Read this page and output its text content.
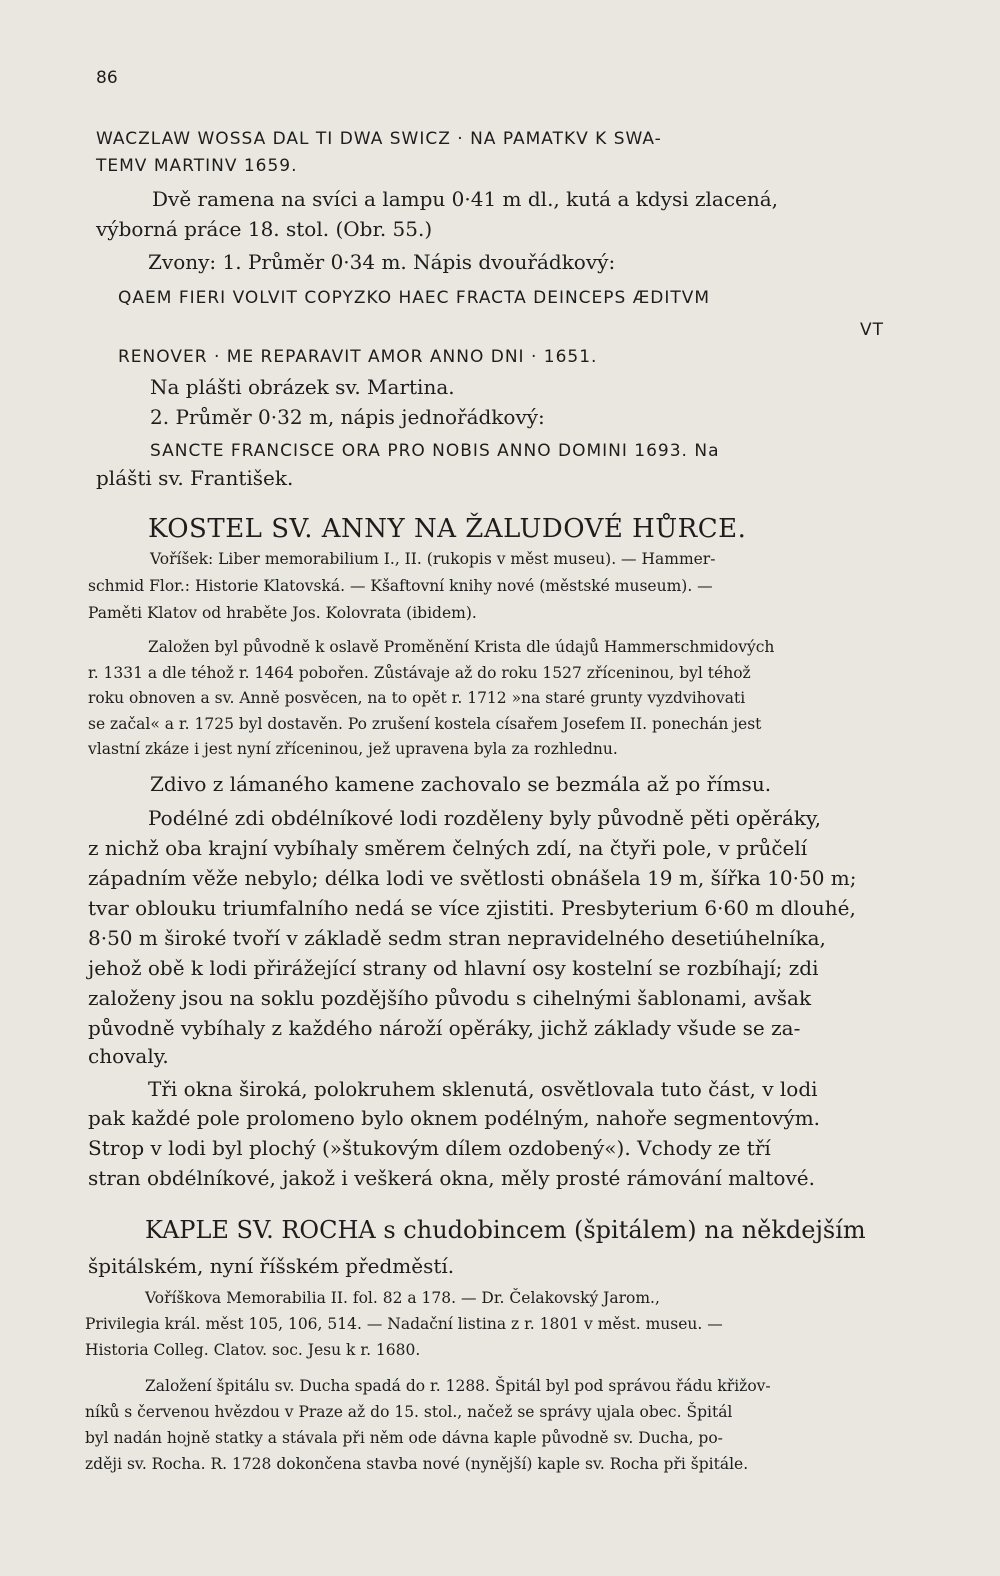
86
WACZLAW WOSSA DAL TI DWA SWICZ · NA PAMATKV K SWA-
TEMV MARTINV 1659.
Dvě ramena na svíci a lampu 0·41 m dl., kutá a kdysi zlacená,
výborná práce 18. stol. (Obr. 55.)
Zvony: 1. Průměr 0·34 m. Nápis dvouřádkový:
QAEM FIERI VOLVIT COPYZKO HAEC FRACTA DEINCEPS ÆDITVM
VT
RENOVER · ME REPARAVIT AMOR ANNO DNI · 1651.
Na plášti obrázek sv. Martina.
2. Průměr 0·32 m, nápis jednořádkový:
SANCTE FRANCISCE ORA PRO NOBIS ANNO DOMINI 1693. Na
plášti sv. František.
KOSTEL SV. ANNY NA ŽALUDOVÉ HŮRCE.
Voříšek: Liber memorabilium I., II. (rukopis v měst museu). — Hammer-
schmid Flor.: Historie Klatovská. — Kšaftovní knihy nové (městské museum). —
Paměti Klatov od hraběte Jos. Kolovrata (ibidem).
Založen byl původně k oslavě Proměnění Krista dle údajů Hammerschmidových
r. 1331 a dle téhož r. 1464 pobořen. Zůstávaje až do roku 1527 zříceninou, byl téhož
roku obnoven a sv. Anně posvěcen, na to opět r. 1712 »na staré grunty vyzdvihovati
se začal« a r. 1725 byl dostavěn. Po zrušení kostela císařem Josefem II. ponechán jest
vlastní zkáze i jest nyní zříceninou, jež upravena byla za rozhlednu.
Zdivo z lámaného kamene zachovalo se bezmála až po římsu.
Podélné zdi obdélníkové lodi rozděleny byly původně pěti opěráky,
z nichž oba krajní vybíhaly směrem čelných zdí, na čtyři pole, v průčelí
západním věže nebylo; délka lodi ve světlosti obnášela 19 m, šířka 10·50 m;
tvar oblouku triumfalního nedá se více zjistiti. Presbyterium 6·60 m dlouhé,
8·50 m široké tvoří v základě sedm stran nepravidelného desetiúhelníka,
jehož obě k lodi přirážející strany od hlavní osy kostelní se rozbíhají; zdi
založeny jsou na soklu pozdějšího původu s cihelnými šablonami, avšak
původně vybíhaly z každého nároží opěráky, jichž základy všude se za-
chovaly.
Tři okna široká, polokruhem sklenutá, osvětlovala tuto část, v lodi
pak každé pole prolomeno bylo oknem podélným, nahoře segmentovým.
Strop v lodi byl plochý (»štukovým dílem ozdobený«). Vchody ze tří
stran obdélníkové, jakož i veškerá okna, měly prosté rámování maltové.
KAPLE SV. ROCHA s chudobincem (špitálem) na někdejším
špitálském, nyní říšském předměstí.
Voříškova Memorabilia II. fol. 82 a 178. — Dr. Čelakovský Jarom.,
Privilegia král. měst 105, 106, 514. — Nadační listina z r. 1801 v měst. museu. —
Historia Colleg. Clatov. soc. Jesu k r. 1680.
Založení špitálu sv. Ducha spadá do r. 1288. Špitál byl pod správou řádu křižov-
níků s červenou hvězdou v Praze až do 15. stol., načež se správy ujala obec. Špitál
byl nadán hojně statky a stávala při něm ode dávna kaple původně sv. Ducha, po-
zději sv. Rocha. R. 1728 dokončena stavba nové (nynější) kaple sv. Rocha při špitále.
